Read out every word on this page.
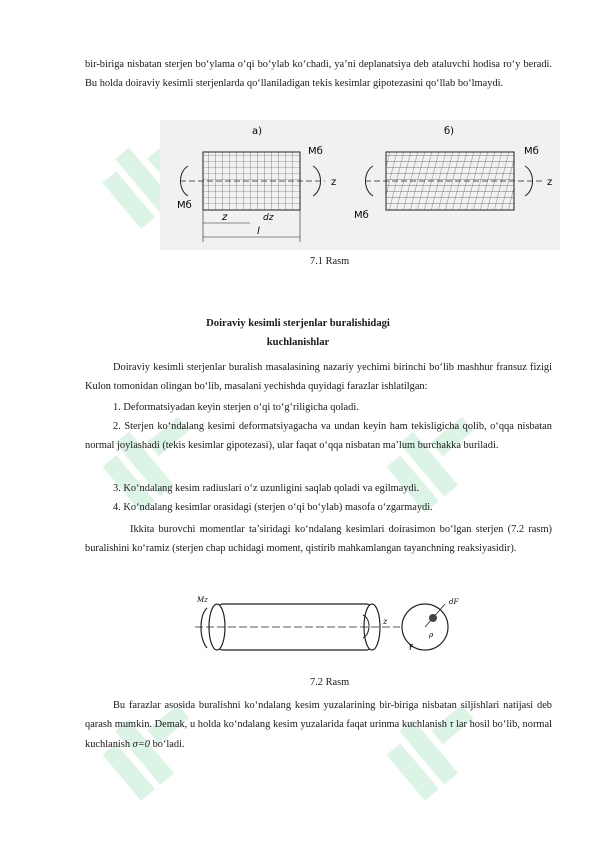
bir-biriga nisbatan sterjen bo‘ylama o‘qi bo‘ylab ko‘chadi, ya’ni deplanatsiya deb ataluvchi hodisa ro‘y beradi. Bu holda doiraviy kesimli sterjenlarda qo‘llaniladigan tekis kesimlar gipotezasini qo‘llab bo‘lmaydi.

а)	б)
Мб
Мб
z
z	dz
l
Мб
Мб
z

7.1 Rasm

Doiraviy kesimli sterjenlar buralishidagi

kuchlanishlar

Doiraviy kesimli sterjenlar buralish masalasining nazariy yechimi birinchi bo‘lib mashhur fransuz fizigi Kulon tomonidan olingan bo‘lib, masalani yechishda quyidagi farazlar ishlatilgan:

1. Deformatsiyadan keyin sterjen o‘qi to‘g‘riligicha qoladi.

2. Sterjen ko‘ndalang kesimi deformatsiyagacha va undan keyin ham tekisligicha qolib, o‘qqa nisbatan normal joylashadi (tekis kesimlar gipotezasi), ular faqat o‘qqa nisbatan ma’lum burchakka buriladi.

3. Ko‘ndalang kesim radiuslari o‘z uzunligini saqlab qoladi va egilmaydi.

4. Ko‘ndalang kesimlar orasidagi (sterjen o‘qi bo‘ylab) masofa o‘zgarmaydi.

Ikkita burovchi momentlar ta’siridagi ko‘ndalang kesimlari doirasimon bo‘lgan sterjen (7.2 rasm) buralishini ko‘ramiz (sterjen chap uchidagi moment, qistirib mahkamlangan tayanchning reaksiyasidir).

Mz
z
dF
F
ρ

7.2 Rasm

Bu farazlar asosida buralishni ko‘ndalang kesim yuzalarining bir-biriga nisbatan siljishlari natijasi deb qarash mumkin. Demak, u holda ko‘ndalang kesim yuzalarida faqat urinma kuchlanish τ lar hosil bo‘lib, normal kuchlanish σ=0 bo‘ladi.
